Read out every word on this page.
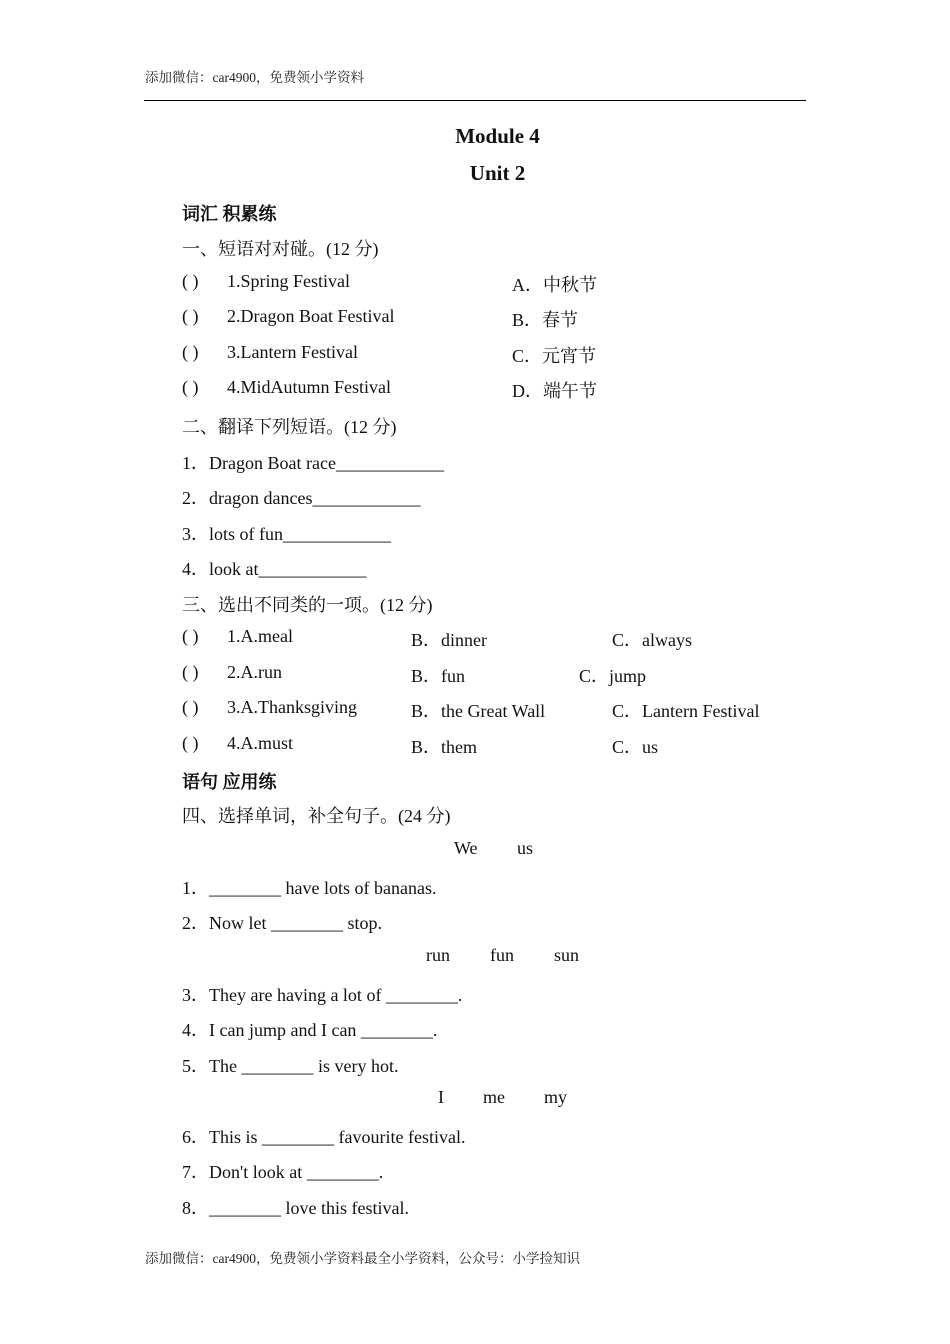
添加微信：car4900，免费领小学资料
Module 4
Unit 2
词汇 积累练
一、短语对对碰。(12 分)
( ) 1.Spring Festival	A．中秋节
( ) 2.Dragon Boat Festival	B．春节
( ) 3.Lantern Festival	C．元宵节
( ) 4.MidAutumn Festival	D．端午节
二、翻译下列短语。(12 分)
1．Dragon Boat race____________
2．dragon dances____________
3．lots of fun____________
4．look at____________
三、选出不同类的一项。(12 分)
( ) 1.A.meal	B．dinner	C．always
( ) 2.A.run	B．fun	C．jump
( ) 3.A.Thanksgiving	B．the Great Wall	C．Lantern Festival
( ) 4.A.must	B．them	C．us
语句 应用练
四、选择单词，补全句子。(24 分)
We us
1．________ have lots of bananas.
2．Now let ________ stop.
run fun sun
3．They are having a lot of ________.
4．I can jump and I can ________.
5．The ________ is very hot.
I me my
6．This is ________ favourite festival.
7．Don't look at ________.
8．________ love this festival.
添加微信：car4900，免费领小学资料最全小学资料，公众号：小学捡知识
